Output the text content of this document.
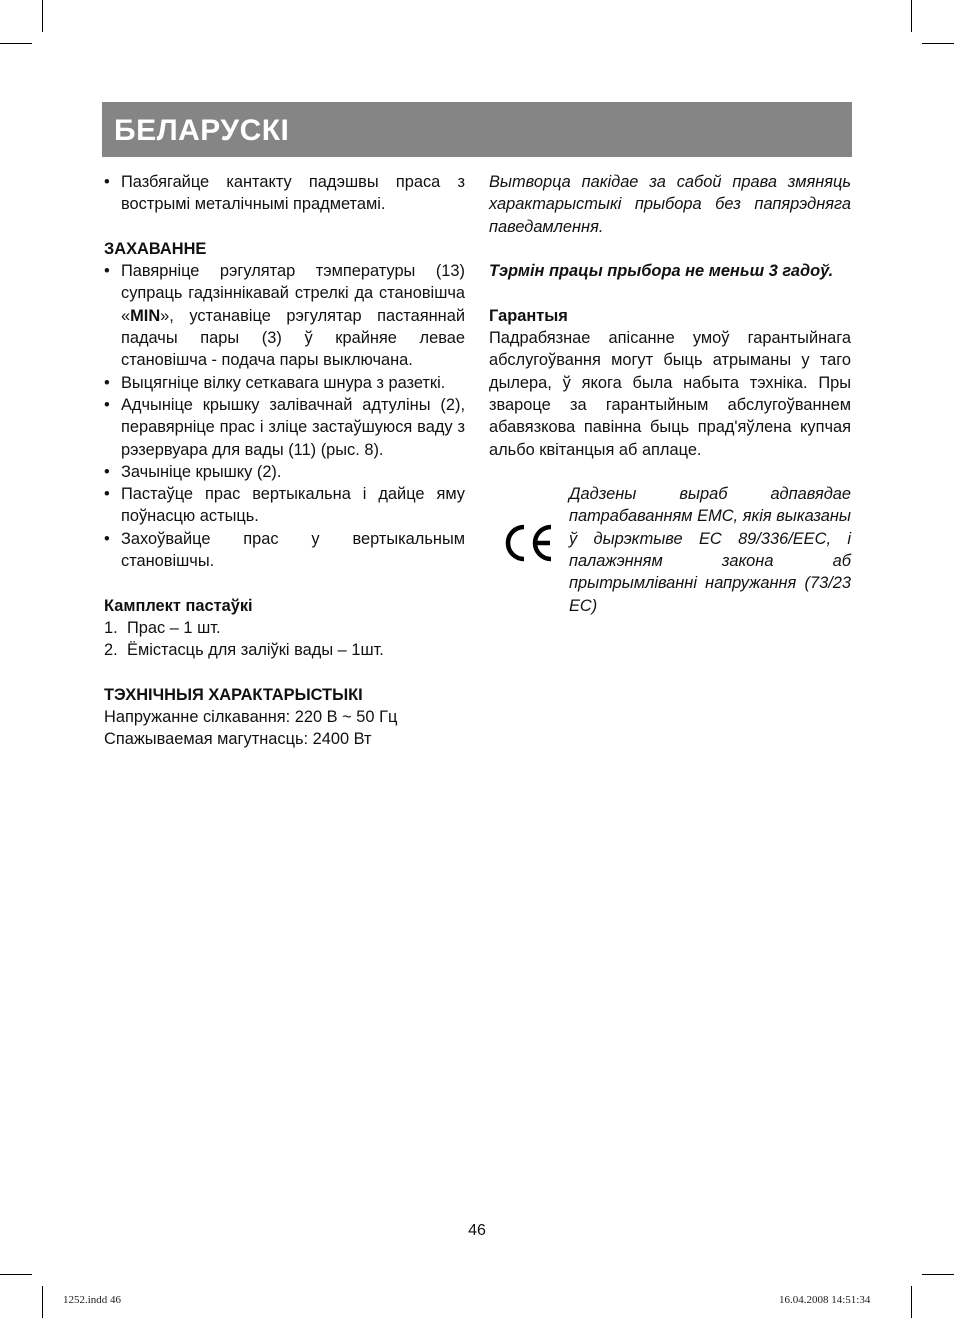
БЕЛАРУСКІ
• Пазбягайце кантакту падэшвы праса з вострымі металічнымі прадметамі.
ЗАХАВАННЕ
• Павярніце рэгулятар тэмпературы (13) супраць гадзіннікавай стрелкі да становішча «MIN», устанавіце рэгулятар пастаяннай падачы пары (3) ў крайняе левае становішча - подача пары выключана.
• Выцягніце вілку сеткавага шнура з разеткі.
• Адчыніце крышку залівачнай адтуліны (2), перавярніце прас і зліце застаўшуюся ваду з рэзервуара для вады (11) (рыс. 8).
• Зачыніце крышку (2).
• Пастаўце прас вертыкальна і дайце яму поўнасцю астыць.
• Захоўвайце прас у вертыкальным становішчы.
Камплект пастаўкі
1. Прас – 1 шт.
2. Ёмістасць для заліўкі вады – 1шт.
ТЭХНІЧНЫЯ ХАРАКТАРЫСТЫКІ
Напружанне сілкавання: 220 В ~ 50 Гц
Спажываемая магутнасць: 2400 Вт
Вытворца пакідае за сабой права змяняць характарыстыкі прыбора без папярэдняга паведамлення.
Тэрмін працы прыбора не меньш 3 гадоў.
Гарантыя
Падрабязнае апісанне умоў гарантыйнага абслугоўвання могут быць атрыманы у таго дылера, ў якога была набыта тэхніка. Пры звароце за гарантыйным абслугоўваннем абавязкова павінна быць прад'яўлена купчая альбо квітанцыя аб аплаце.
Дадзены выраб адпавядае патрабаванням EMC, якія выказаны ў дырэктыве ЕС 89/336/EEC, і палажэнням закона аб прытрымліванні напружання (73/23 EC)
46
1252.indd 46	16.04.2008 14:51:34
